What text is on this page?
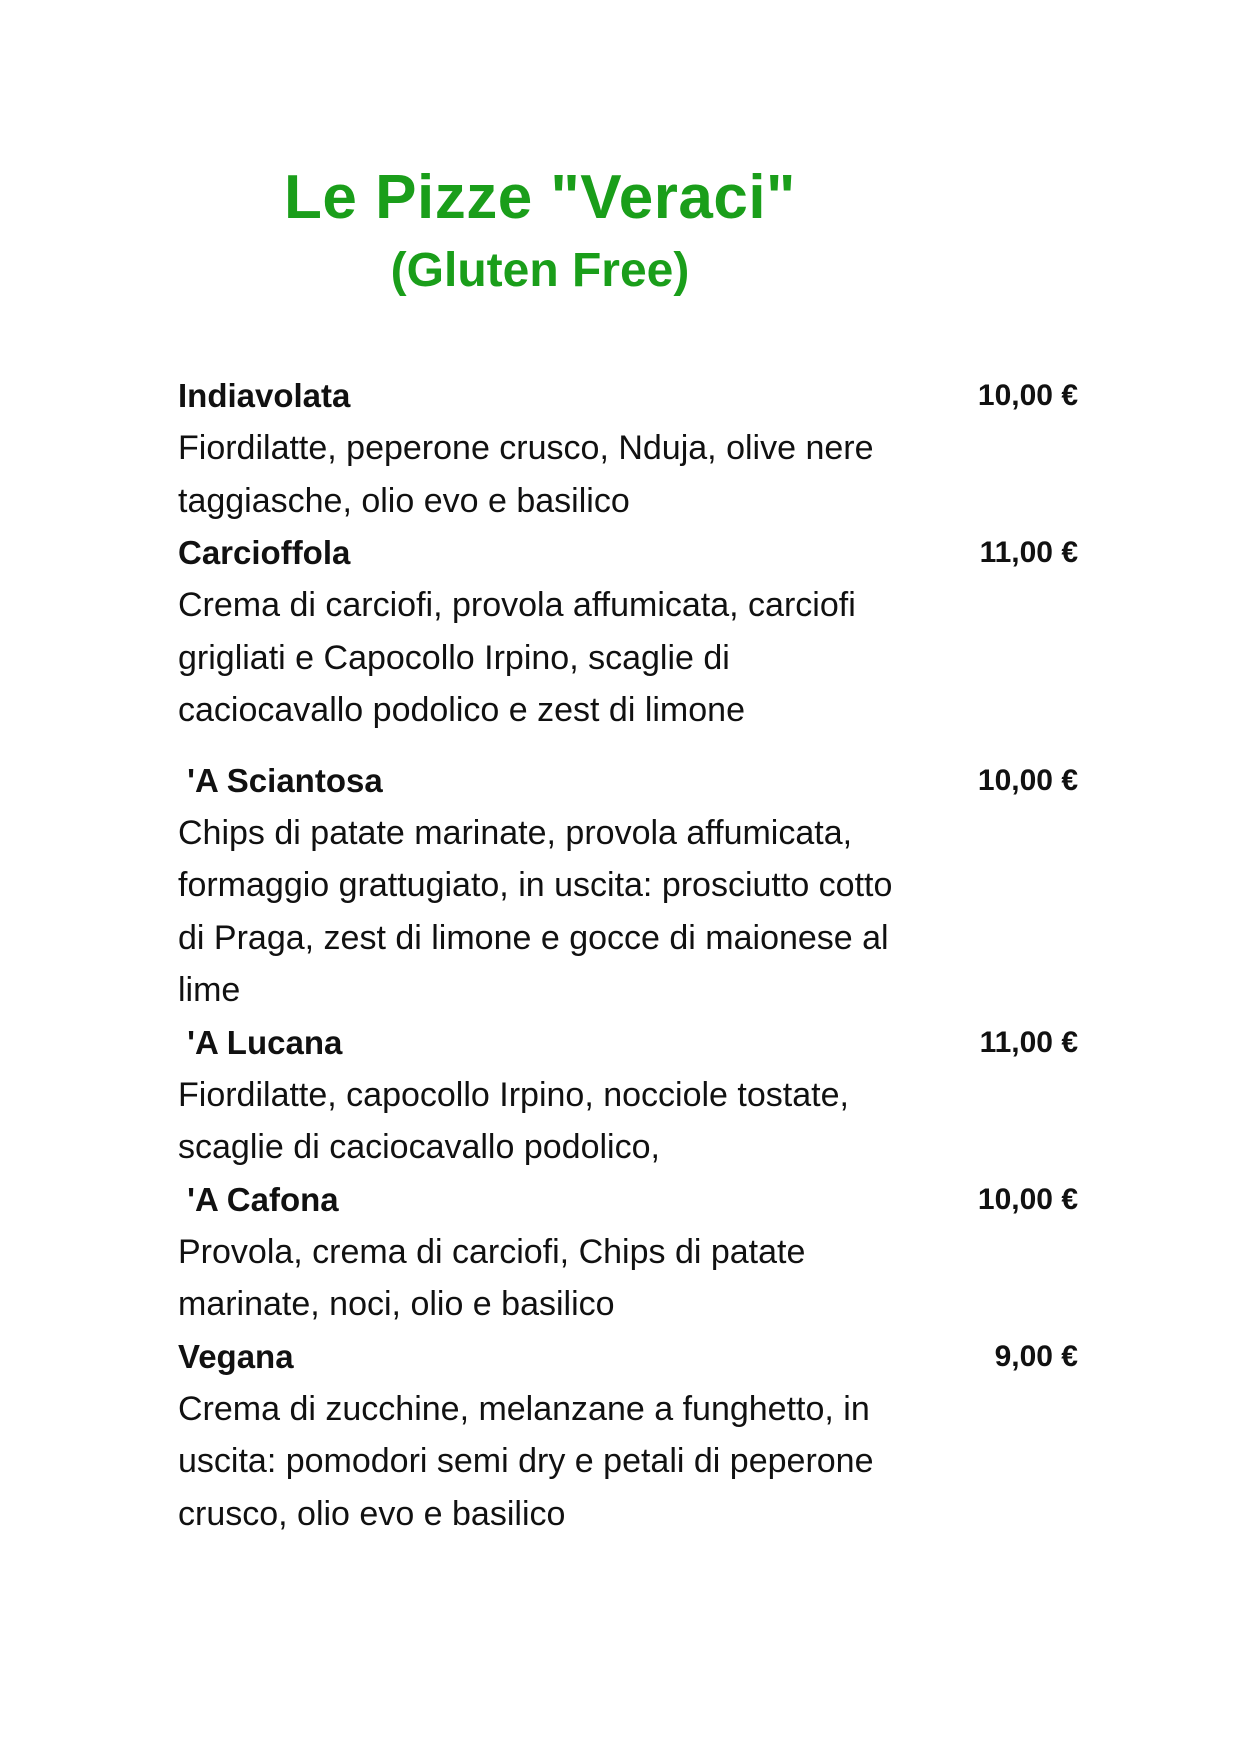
Le Pizze "Veraci"
(Gluten Free)
Indiavolata	10,00 €
Fiordilatte, peperone crusco, Nduja, olive nere taggiasche, olio evo e basilico
Carcioffola	11,00 €
Crema di carciofi, provola affumicata, carciofi grigliati e Capocollo Irpino, scaglie di caciocavallo podolico e zest di limone
'A Sciantosa	10,00 €
Chips di patate marinate, provola affumicata, formaggio grattugiato, in uscita: prosciutto cotto di Praga, zest di limone e gocce di maionese al lime
'A Lucana	11,00 €
Fiordilatte, capocollo Irpino, nocciole tostate, scaglie di caciocavallo podolico,
'A Cafona	10,00 €
Provola, crema di carciofi, Chips di patate marinate, noci, olio e basilico
Vegana	9,00 €
Crema di zucchine, melanzane a funghetto, in uscita: pomodori semi dry e petali di peperone crusco, olio evo e basilico
